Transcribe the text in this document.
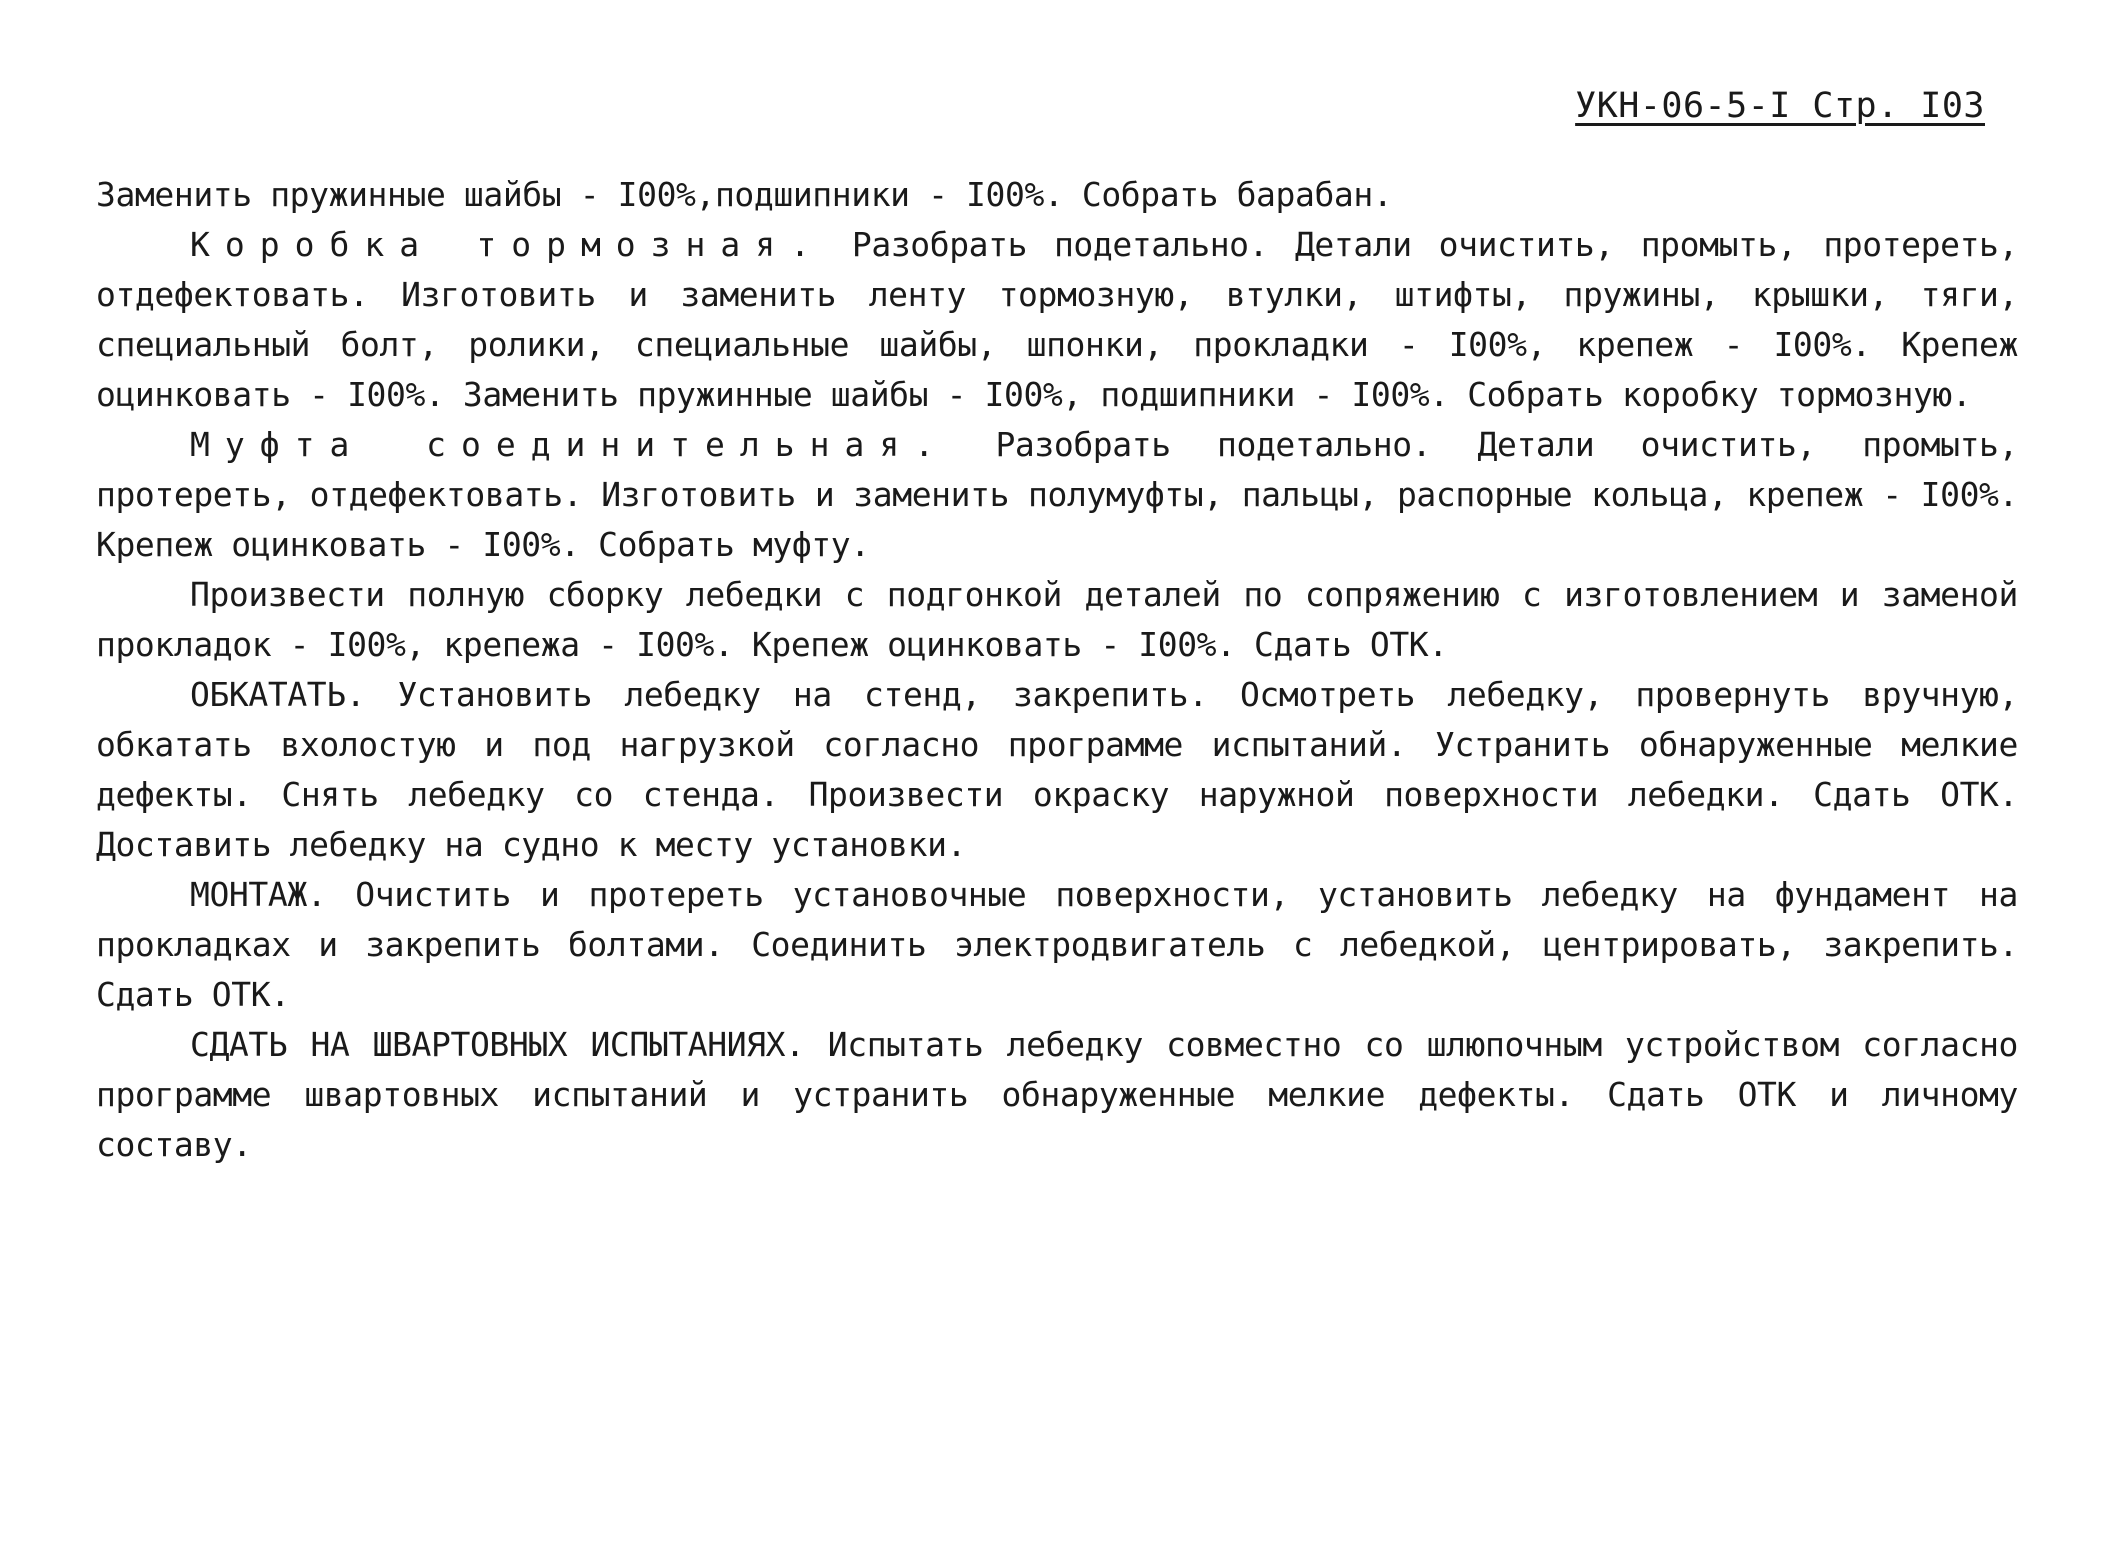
УКН-06-5-I Стр. I03

Заменить пружинные шайбы - I00%,подшипники - I00%. Собрать барабан.

Коробка тормозная. Разобрать подетально. Детали очистить, промыть, протереть, отдефектовать. Изготовить и заменить ленту тормозную, втулки, штифты, пружины, крышки, тяги, специальный болт, ролики, специальные шайбы, шпонки, прокладки - I00%, крепеж - I00%. Крепеж оцинковать - I00%. Заменить пружинные шайбы - I00%, подшипники - I00%. Собрать коробку тормозную.

Муфта соединительная. Разобрать подетально. Детали очистить, промыть, протереть, отдефектовать. Изготовить и заменить полумуфты, пальцы, распорные кольца, крепеж - I00%. Крепеж оцинковать - I00%. Собрать муфту.

Произвести полную сборку лебедки с подгонкой деталей по сопряжению с изготовлением и заменой прокладок - I00%, крепежа - I00%. Крепеж оцинковать - I00%. Сдать ОТК.

ОБКАТАТЬ. Установить лебедку на стенд, закрепить. Осмотреть лебедку, провернуть вручную, обкатать вхолостую и под нагрузкой согласно программе испытаний. Устранить обнаруженные мелкие дефекты. Снять лебедку со стенда. Произвести окраску наружной поверхности лебедки. Сдать ОТК. Доставить лебедку на судно к месту установки.

МОНТАЖ. Очистить и протереть установочные поверхности, установить лебедку на фундамент на прокладках и закрепить болтами. Соединить электродвигатель с лебедкой, центрировать, закрепить. Сдать ОТК.

СДАТЬ НА ШВАРТОВНЫХ ИСПЫТАНИЯХ. Испытать лебедку совместно со шлюпочным устройством согласно программе швартовных испытаний и устранить обнаруженные мелкие дефекты. Сдать ОТК и личному составу.
